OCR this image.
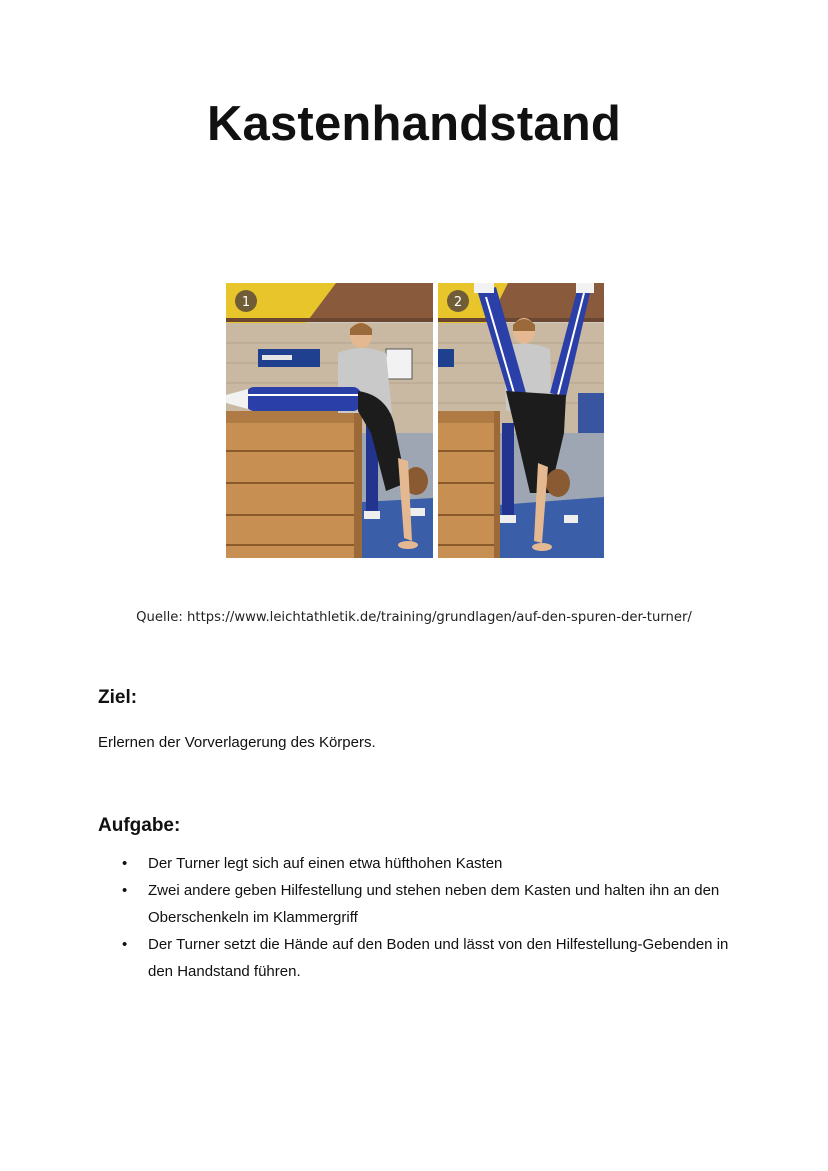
Kastenhandstand
1	2
Quelle: https://www.leichtathletik.de/training/grundlagen/auf-den-spuren-der-turner/
Ziel:

Erlernen der Vorverlagerung des Körpers.

Aufgabe:
• Der Turner legt sich auf einen etwa hüfthohen Kasten
• Zwei andere geben Hilfestellung und stehen neben dem Kasten und halten ihn an den Oberschenkeln im Klammergriff
• Der Turner setzt die Hände auf den Boden und lässt von den Hilfestellung-Gebenden in den Handstand führen.
